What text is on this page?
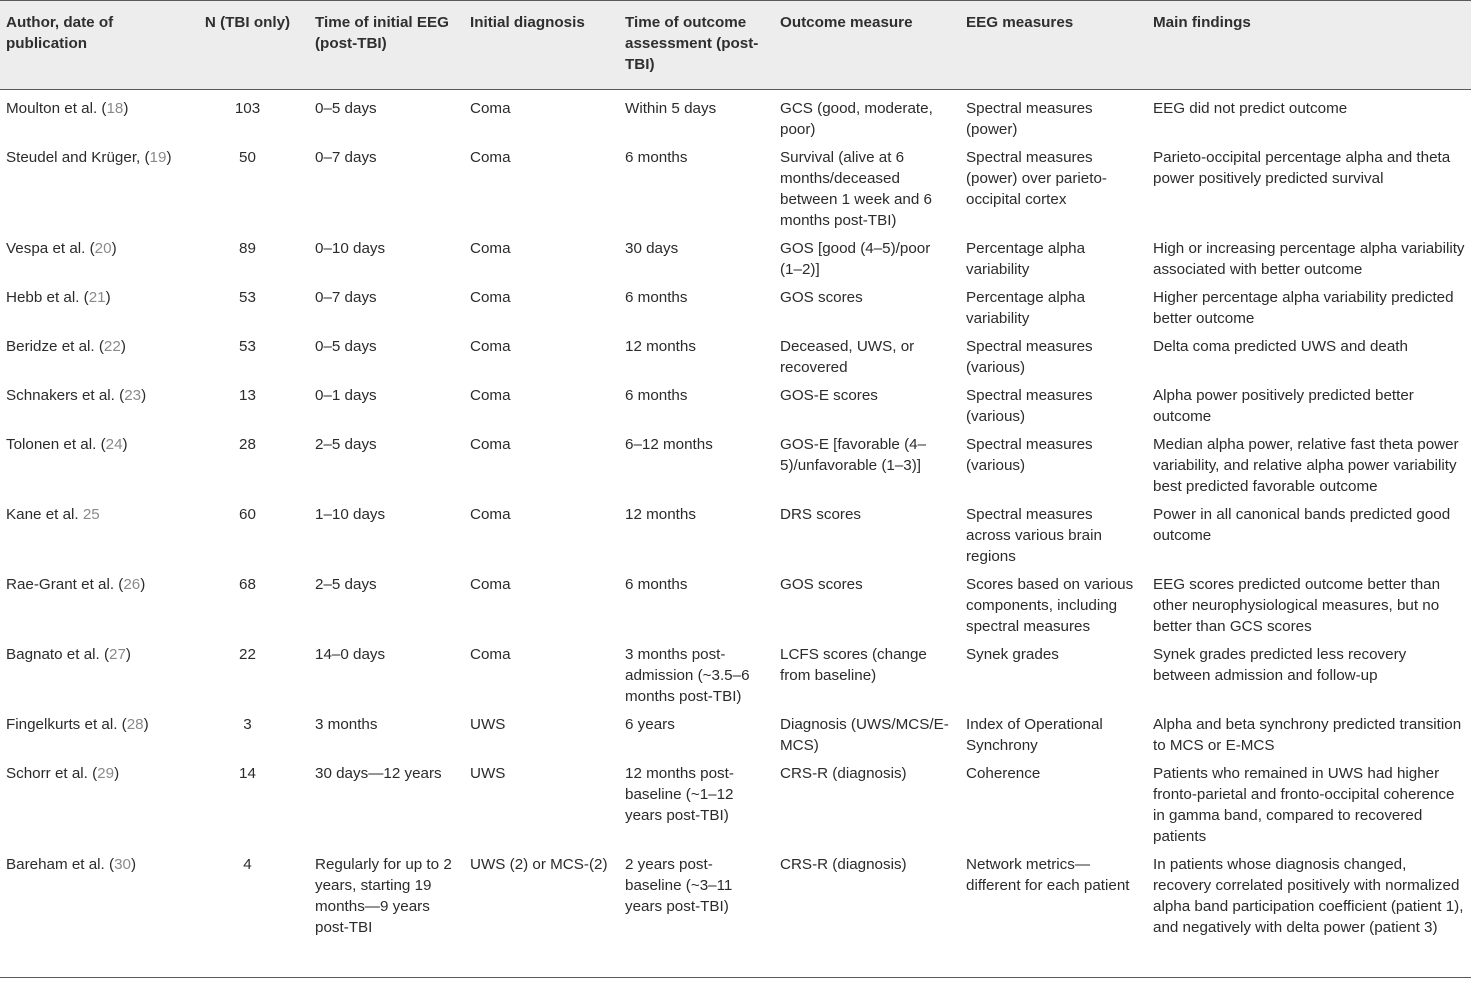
Author, date of publication	N (TBI only)	Time of initial EEG (post-TBI)	Initial diagnosis	Time of outcome assessment (post-TBI)	Outcome measure	EEG measures	Main findings
Moulton et al. (18)	103	0–5 days	Coma	Within 5 days	GCS (good, moderate, poor)	Spectral measures (power)	EEG did not predict outcome
Steudel and Krüger, (19)	50	0–7 days	Coma	6 months	Survival (alive at 6 months/deceased between 1 week and 6 months post-TBI)	Spectral measures (power) over parieto-occipital cortex	Parieto-occipital percentage alpha and theta power positively predicted survival
Vespa et al. (20)	89	0–10 days	Coma	30 days	GOS [good (4–5)/poor (1–2)]	Percentage alpha variability	High or increasing percentage alpha variability associated with better outcome
Hebb et al. (21)	53	0–7 days	Coma	6 months	GOS scores	Percentage alpha variability	Higher percentage alpha variability predicted better outcome
Beridze et al. (22)	53	0–5 days	Coma	12 months	Deceased, UWS, or recovered	Spectral measures (various)	Delta coma predicted UWS and death
Schnakers et al. (23)	13	0–1 days	Coma	6 months	GOS-E scores	Spectral measures (various)	Alpha power positively predicted better outcome
Tolonen et al. (24)	28	2–5 days	Coma	6–12 months	GOS-E [favorable (4–5)/unfavorable (1–3)]	Spectral measures (various)	Median alpha power, relative fast theta power variability, and relative alpha power variability best predicted favorable outcome
Kane et al. 25	60	1–10 days	Coma	12 months	DRS scores	Spectral measures across various brain regions	Power in all canonical bands predicted good outcome
Rae-Grant et al. (26)	68	2–5 days	Coma	6 months	GOS scores	Scores based on various components, including spectral measures	EEG scores predicted outcome better than other neurophysiological measures, but no better than GCS scores
Bagnato et al. (27)	22	14–0 days	Coma	3 months post-admission (~3.5–6 months post-TBI)	LCFS scores (change from baseline)	Synek grades	Synek grades predicted less recovery between admission and follow-up
Fingelkurts et al. (28)	3	3 months	UWS	6 years	Diagnosis (UWS/MCS/E-MCS)	Index of Operational Synchrony	Alpha and beta synchrony predicted transition to MCS or E-MCS
Schorr et al. (29)	14	30 days—12 years	UWS	12 months post-baseline (~1–12 years post-TBI)	CRS-R (diagnosis)	Coherence	Patients who remained in UWS had higher fronto-parietal and fronto-occipital coherence in gamma band, compared to recovered patients
Bareham et al. (30)	4	Regularly for up to 2 years, starting 19 months—9 years post-TBI	UWS (2) or MCS-(2)	2 years post-baseline (~3–11 years post-TBI)	CRS-R (diagnosis)	Network metrics—different for each patient	In patients whose diagnosis changed, recovery correlated positively with normalized alpha band participation coefficient (patient 1), and negatively with delta power (patient 3)
